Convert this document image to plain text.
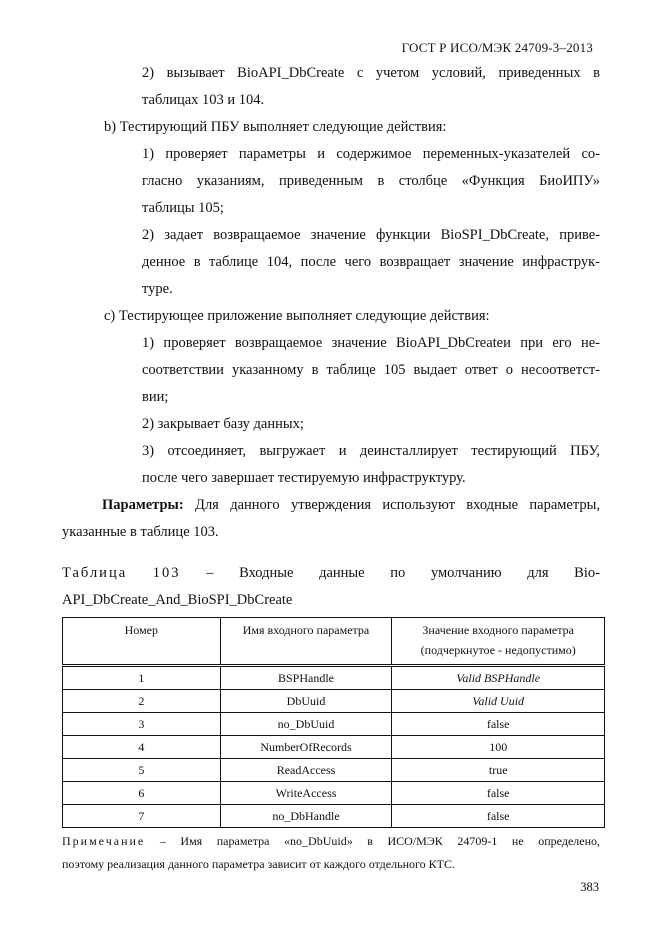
ГОСТ Р ИСО/МЭК 24709-3–2013
2) вызывает BioAPI_DbCreate с учетом условий, приведенных в
таблицах 103 и 104.
b) Тестирующий ПБУ выполняет следующие действия:
1) проверяет параметры и содержимое переменных-указателей со-
гласно указаниям, приведенным в столбце «Функция БиоИПУ»
таблицы 105;
2) задает возвращаемое значение функции BioSPI_DbCreate, приве-
денное в таблице 104, после чего возвращает значение инфраструк-
туре.
c) Тестирующее приложение выполняет следующие действия:
1) проверяет возвращаемое значение BioAPI_DbCreateи при его не-
соответствии указанному в таблице 105 выдает ответ о несоответст-
вии;
2) закрывает базу данных;
3) отсоединяет, выгружает и деинсталлирует тестирующий ПБУ,
после чего завершает тестируемую инфраструктуру.
Параметры: Для данного утверждения используют входные параметры,
указанные в таблице 103.
Таблица 103 – Входные данные по умолчанию для Bio-
API_DbCreate_And_BioSPI_DbCreate
Номер	Имя входного параметра	Значение входного параметра
(подчеркнутое - недопустимо)

1	BSPHandle	Valid BSPHandle
2	DbUuid	Valid Uuid
3	no_DbUuid	false
4	NumberOfRecords	100
5	ReadAccess	true
6	WriteAccess	false
7	no_DbHandle	false
Примечание – Имя параметра «no_DbUuid» в ИСО/МЭК 24709-1 не определено,
поэтому реализация данного параметра зависит от каждого отдельного КТС.
383
